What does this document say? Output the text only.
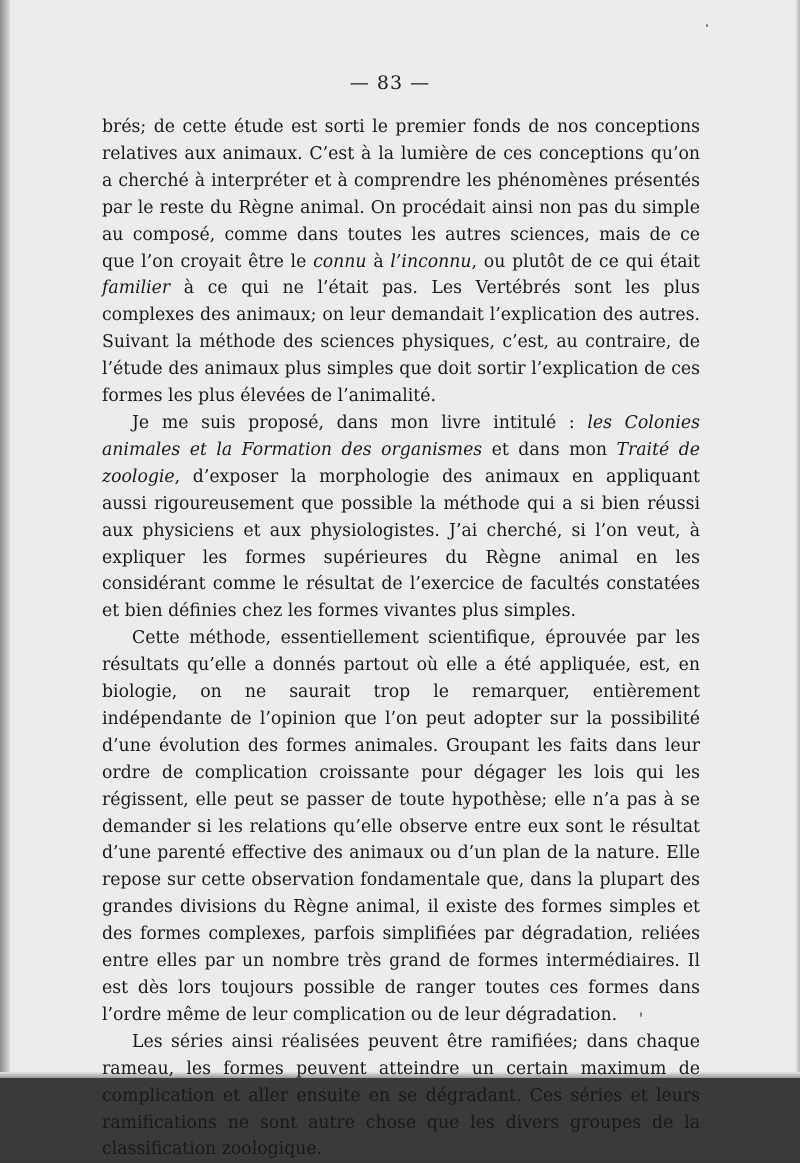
— 83 —

brés; de cette étude est sorti le premier fonds de nos conceptions relatives aux animaux. C’est à la lumière de ces conceptions qu’on a cherché à interpréter et à comprendre les phénomènes présentés par le reste du Règne animal. On procédait ainsi non pas du simple au composé, comme dans toutes les autres sciences, mais de ce que l’on croyait être le connu à l’inconnu, ou plutôt de ce qui était familier à ce qui ne l’était pas. Les Vertébrés sont les plus complexes des animaux; on leur demandait l’explication des autres. Suivant la méthode des sciences physiques, c’est, au contraire, de l’étude des animaux plus simples que doit sortir l’explication de ces formes les plus élevées de l’animalité.

Je me suis proposé, dans mon livre intitulé : les Colonies animales et la Formation des organismes et dans mon Traité de zoologie, d’exposer la morphologie des animaux en appliquant aussi rigoureusement que possible la méthode qui a si bien réussi aux physiciens et aux physiologistes. J’ai cherché, si l’on veut, à expliquer les formes supérieures du Règne animal en les considérant comme le résultat de l’exercice de facultés constatées et bien définies chez les formes vivantes plus simples.

Cette méthode, essentiellement scientifique, éprouvée par les résultats qu’elle a donnés partout où elle a été appliquée, est, en biologie, on ne saurait trop le remarquer, entièrement indépendante de l’opinion que l’on peut adopter sur la possibilité d’une évolution des formes animales. Groupant les faits dans leur ordre de complication croissante pour dégager les lois qui les régissent, elle peut se passer de toute hypothèse; elle n’a pas à se demander si les relations qu’elle observe entre eux sont le résultat d’une parenté effective des animaux ou d’un plan de la nature. Elle repose sur cette observation fondamentale que, dans la plupart des grandes divisions du Règne animal, il existe des formes simples et des formes complexes, parfois simplifiées par dégradation, reliées entre elles par un nombre très grand de formes intermédiaires. Il est dès lors toujours possible de ranger toutes ces formes dans l’ordre même de leur complication ou de leur dégradation.

Les séries ainsi réalisées peuvent être ramifiées; dans chaque rameau, les formes peuvent atteindre un certain maximum de complication et aller ensuite en se dégradant. Ces séries et leurs ramifications ne sont autre chose que les divers groupes de la classification zoologique.
